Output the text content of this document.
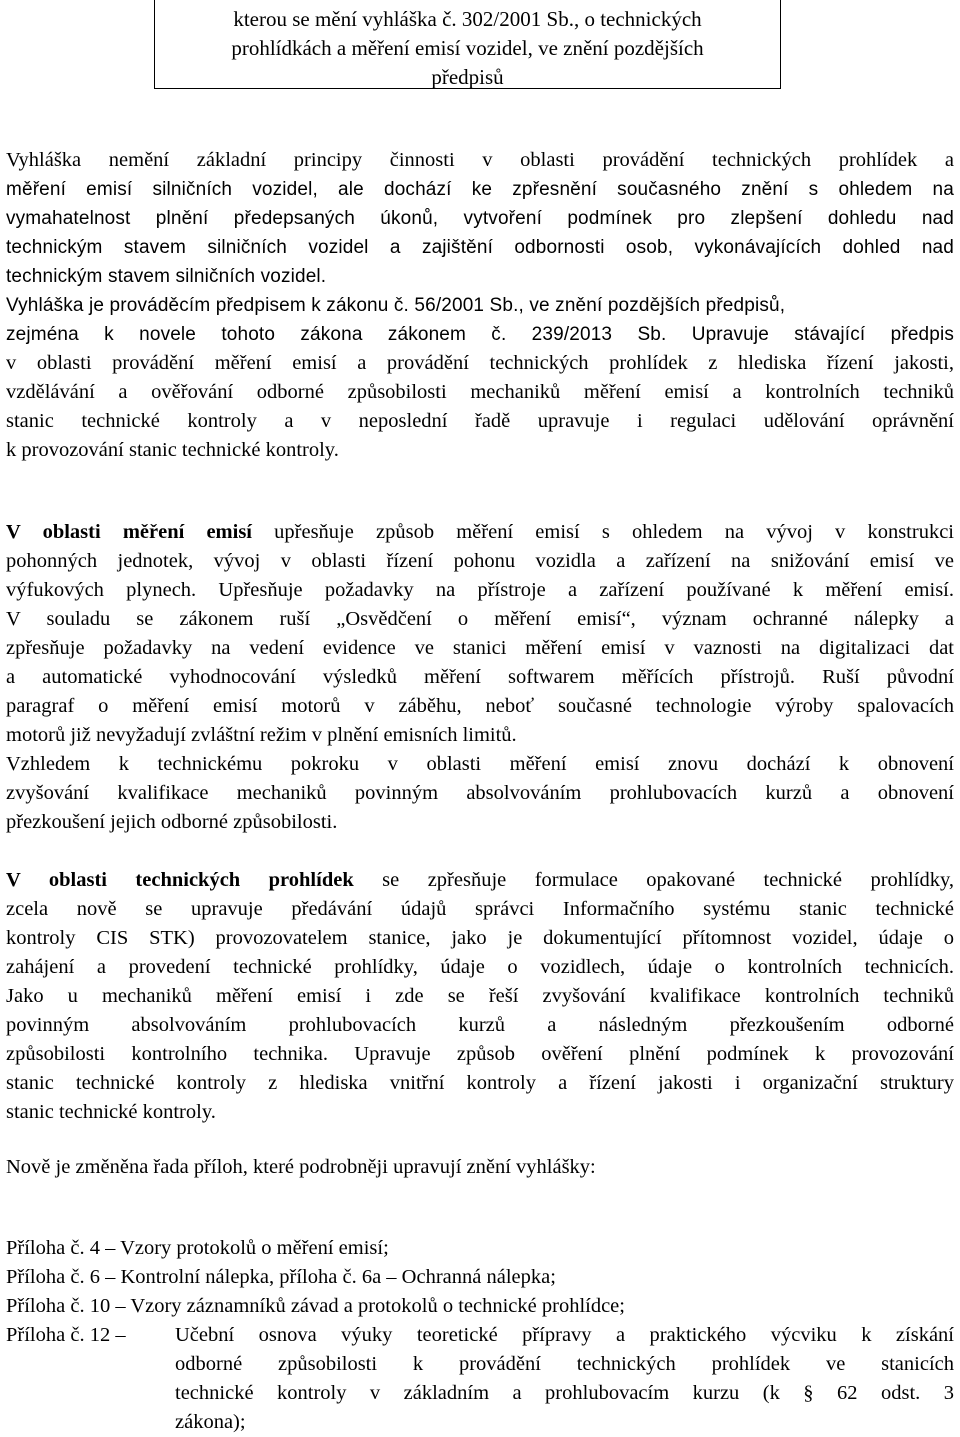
kterou se mění vyhláška č. 302/2001 Sb., o technických
prohlídkách a měření emisí vozidel, ve znění pozdějších
předpisů
Vyhláška nemění základní principy činnosti v oblasti provádění technických prohlídek a
měření emisí silničních vozidel, ale dochází ke zpřesnění současného znění s ohledem na
vymahatelnost plnění předepsaných úkonů, vytvoření podmínek pro zlepšení dohledu nad
technickým stavem silničních vozidel a zajištění odbornosti osob, vykonávajících dohled nad
technickým stavem silničních vozidel.
Vyhláška je prováděcím předpisem k zákonu č. 56/2001 Sb., ve znění pozdějších předpisů,
zejména k novele tohoto zákona zákonem č. 239/2013 Sb. Upravuje stávající předpis
v oblasti provádění měření emisí a provádění technických prohlídek z hlediska řízení jakosti,
vzdělávání a ověřování odborné způsobilosti mechaniků měření emisí a kontrolních techniků
stanic technické kontroly a v neposlední řadě upravuje i regulaci udělování oprávnění
k provozování stanic technické kontroly.
V oblasti měření emisí upřesňuje způsob měření emisí s ohledem na vývoj v konstrukci
pohonných jednotek, vývoj v oblasti řízení pohonu vozidla a zařízení na snižování emisí ve
výfukových plynech. Upřesňuje požadavky na přístroje a zařízení používané k měření emisí.
V souladu se zákonem ruší „Osvědčení o měření emisí“, význam ochranné nálepky a
zpřesňuje požadavky na vedení evidence ve stanici měření emisí v vaznosti na digitalizaci dat
a automatické vyhodnocování výsledků měření softwarem měřících přístrojů. Ruší původní
paragraf o měření emisí motorů v záběhu, neboť současné technologie výroby spalovacích
motorů již nevyžadují zvláštní režim v plnění emisních limitů.
Vzhledem k technickému pokroku v oblasti měření emisí znovu dochází k obnovení
zvyšování kvalifikace mechaniků povinným absolvováním prohlubovacích kurzů a obnovení
přezkoušení jejich odborné způsobilosti.
V oblasti technických prohlídek se zpřesňuje formulace opakované technické prohlídky,
zcela nově se upravuje předávání údajů správci Informačního systému stanic technické
kontroly CIS STK) provozovatelem stanice, jako je dokumentující přítomnost vozidel, údaje o
zahájení a provedení technické prohlídky, údaje o vozidlech, údaje o kontrolních technicích.
Jako u mechaniků měření emisí i zde se řeší zvyšování kvalifikace kontrolních techniků
povinným absolvováním prohlubovacích kurzů a následným přezkoušením odborné
způsobilosti kontrolního technika. Upravuje způsob ověření plnění podmínek k provozování
stanic technické kontroly z hlediska vnitřní kontroly a řízení jakosti i organizační struktury
stanic technické kontroly.
Nově je změněna řada příloh, které podrobněji upravují znění vyhlášky:
Příloha č. 4 – Vzory protokolů o měření emisí;
Příloha č. 6 – Kontrolní nálepka, příloha č. 6a – Ochranná nálepka;
Příloha č. 10 – Vzory záznamníků závad a protokolů o technické prohlídce;
Příloha č. 12 –	Učební osnova výuky teoretické přípravy a praktického výcviku k získání
odborné způsobilosti k provádění technických prohlídek ve stanicích
technické kontroly v základním a prohlubovacím kurzu (k § 62 odst. 3
zákona);
